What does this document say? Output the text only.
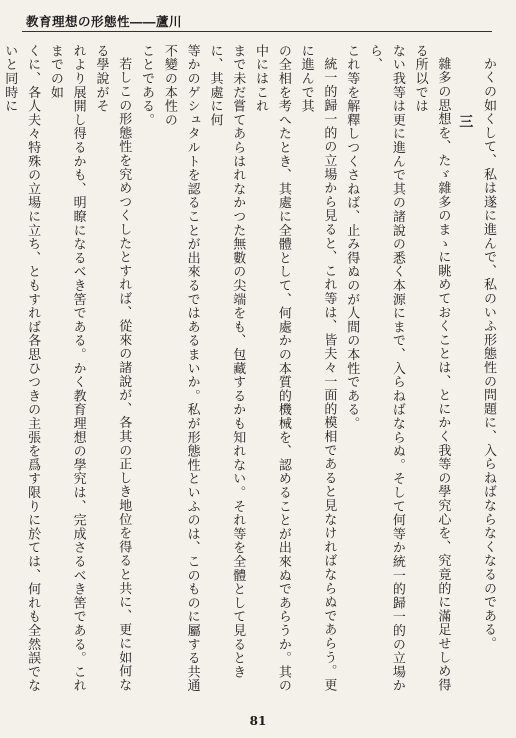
教育理想の形態性――蘆川
かくの如くして、私は遂に進んで、私のいふ形態性の問題に、入らねばならなくなるのである。
三
雜多の思想を、たゞ雜多のまゝに眺めておくことは、とにかく我等の學究心を、究竟的に滿足せしめ得る所以では
ない我等は更に進んで其の諸說の悉く本源にまで、入らねばならぬ。そして何等か統一的歸一的の立場から、
これ等を解釋しつくさねば、止み得ぬのが人間の本性である。
統一的歸一的の立場から見ると、これ等は、皆夫々一面的模相であると見なければならぬであらう。更に進んで其
の全相を考へたとき、其處に全體として、何處かの本質的機械を、認めることが出來ぬであらうか。其の中にはこれ
まで未だ嘗てあらはれなかつた無數の尖端をも、包藏するかも知れない。それ等を全體として見るときに、其處に何
等かのゲシュタルトを認ることが出來るではあるまいか。私が形態性といふのは、このものに屬する共通不變の本性の
ことである。
若しこの形態性を究めつくしたとすれば、從來の諸說が、各其の正しき地位を得ると共に、更に如何なる學說がそ
れより展開し得るかも、明瞭になるべき筈である。かく教育理想の學究は、完成さるべき筈である。これまでの如
くに、各人夫々特殊の立場に立ち、ともすれば各思ひつきの主張を爲す限りに於ては、何れも全然誤でないと同時に
81
